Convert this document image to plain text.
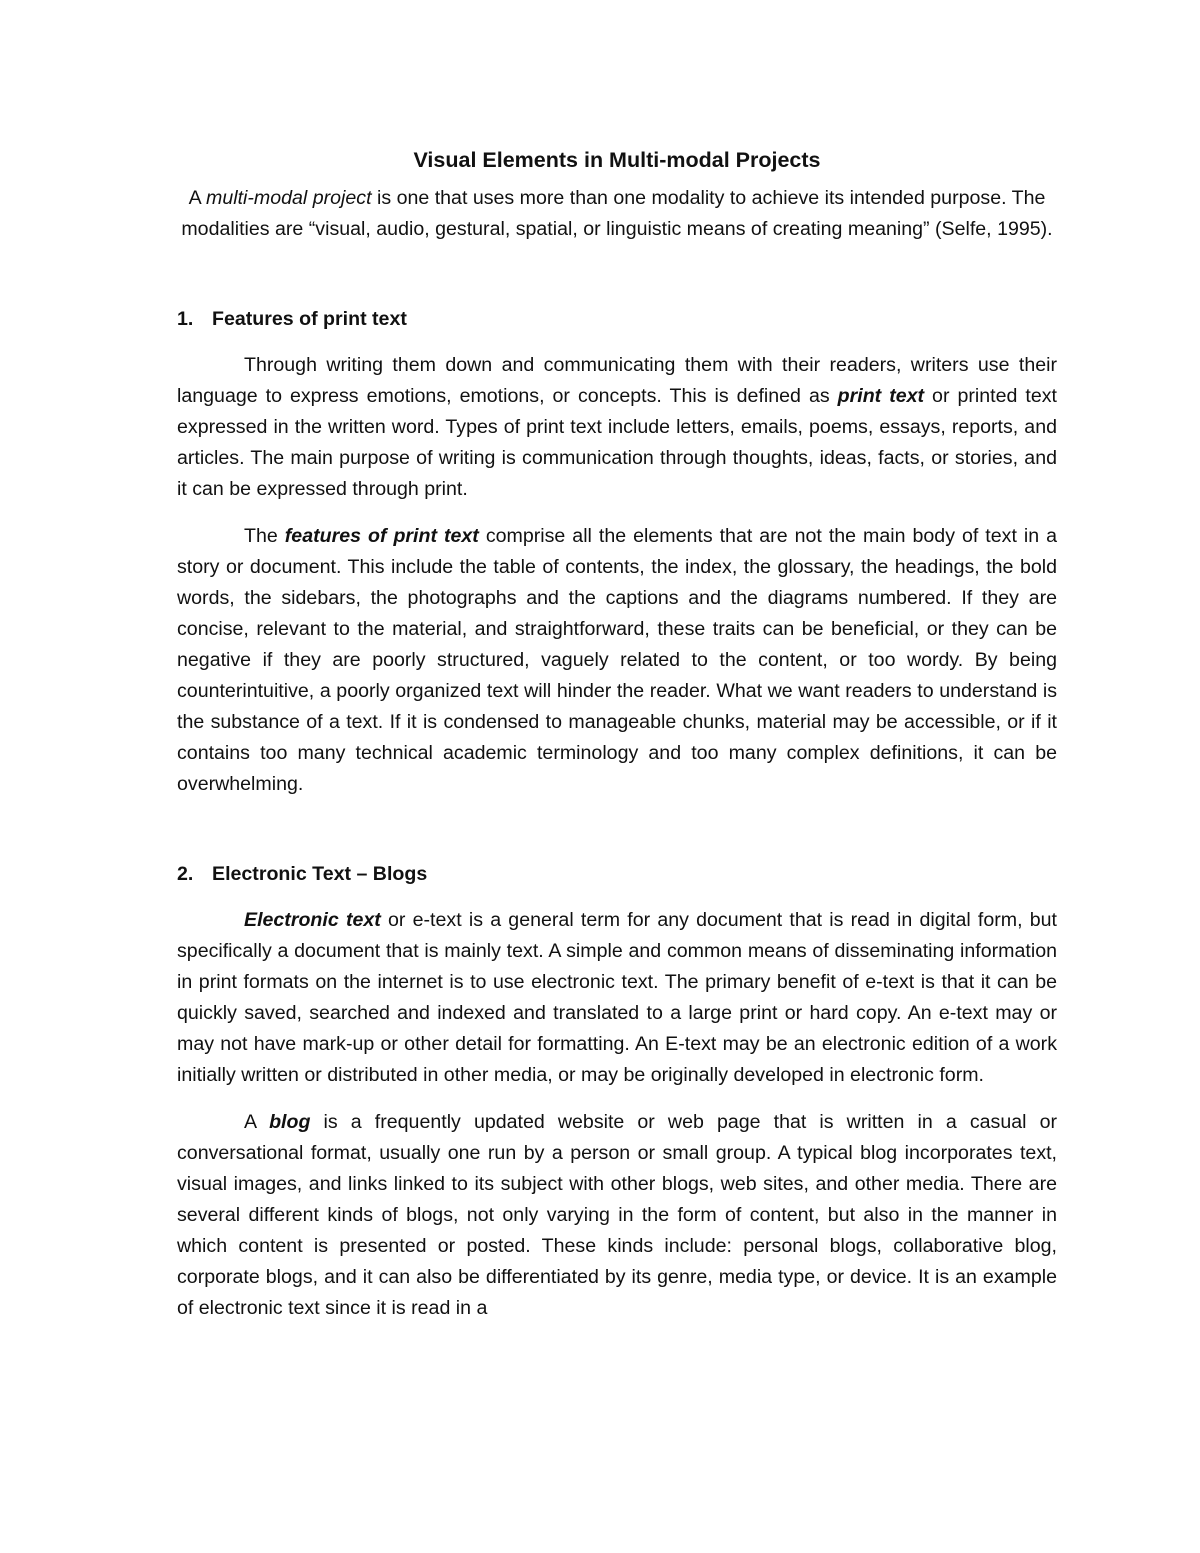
Visual Elements in Multi-modal Projects

A multi-modal project is one that uses more than one modality to achieve its intended purpose. The modalities are “visual, audio, gestural, spatial, or linguistic means of creating meaning” (Selfe, 1995).

1. Features of print text

Through writing them down and communicating them with their readers, writers use their language to express emotions, emotions, or concepts. This is defined as print text or printed text expressed in the written word. Types of print text include letters, emails, poems, essays, reports, and articles. The main purpose of writing is communication through thoughts, ideas, facts, or stories, and it can be expressed through print.

The features of print text comprise all the elements that are not the main body of text in a story or document. This include the table of contents, the index, the glossary, the headings, the bold words, the sidebars, the photographs and the captions and the diagrams numbered. If they are concise, relevant to the material, and straightforward, these traits can be beneficial, or they can be negative if they are poorly structured, vaguely related to the content, or too wordy. By being counterintuitive, a poorly organized text will hinder the reader. What we want readers to understand is the substance of a text. If it is condensed to manageable chunks, material may be accessible, or if it contains too many technical academic terminology and too many complex definitions, it can be overwhelming.

2. Electronic Text – Blogs

Electronic text or e-text is a general term for any document that is read in digital form, but specifically a document that is mainly text. A simple and common means of disseminating information in print formats on the internet is to use electronic text. The primary benefit of e-text is that it can be quickly saved, searched and indexed and translated to a large print or hard copy. An e-text may or may not have mark-up or other detail for formatting. An E-text may be an electronic edition of a work initially written or distributed in other media, or may be originally developed in electronic form.

A blog is a frequently updated website or web page that is written in a casual or conversational format, usually one run by a person or small group. A typical blog incorporates text, visual images, and links linked to its subject with other blogs, web sites, and other media. There are several different kinds of blogs, not only varying in the form of content, but also in the manner in which content is presented or posted. These kinds include: personal blogs, collaborative blog, corporate blogs, and it can also be differentiated by its genre, media type, or device. It is an example of electronic text since it is read in a
